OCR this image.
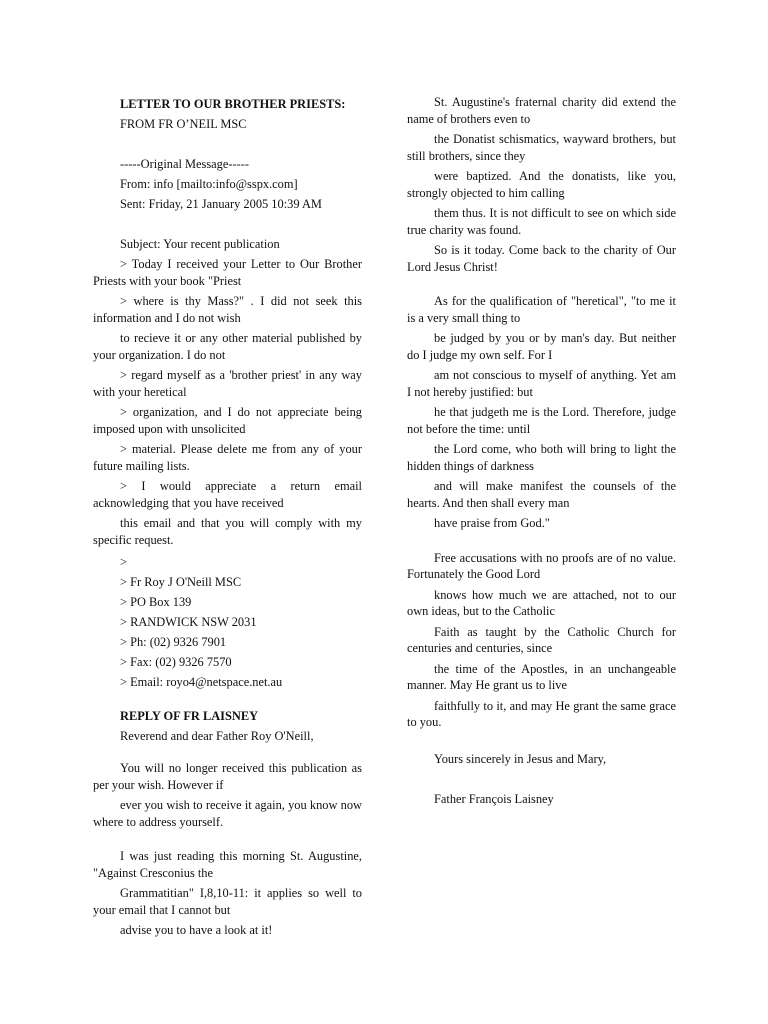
LETTER TO OUR BROTHER PRIESTS:
FROM FR O’NEIL MSC
-----Original Message-----
From: info [mailto:info@sspx.com]
Sent: Friday, 21 January 2005 10:39 AM
Subject: Your recent publication
> Today I received your Letter to Our Brother Priests with your book "Priest
> where is thy Mass?" . I did not seek this information and I do not wish
to recieve it or any other material published by your organization. I do not
> regard myself as a 'brother priest' in any way with your heretical
> organization, and I do not appreciate being imposed upon with unsolicited
> material. Please delete me from any of your future mailing lists.
> I would appreciate a return email acknowledging that you have received
this email and that you will comply with my specific request.
>
> Fr Roy J O'Neill MSC
> PO Box 139
> RANDWICK NSW 2031
> Ph: (02) 9326 7901
> Fax: (02) 9326 7570
> Email: royo4@netspace.net.au
REPLY OF FR LAISNEY
Reverend and dear Father Roy O'Neill,
You will no longer received this publication as per your wish. However if
ever you wish to receive it again, you know now where to address yourself.
I was just reading this morning St. Augustine, "Against Cresconius the
Grammatitian" I,8,10-11: it applies so well to your email that I cannot but
advise you to have a look at it!
St. Augustine's fraternal charity did extend the name of brothers even to
the Donatist schismatics, wayward brothers, but still brothers, since they
were baptized. And the donatists, like you, strongly objected to him calling
them thus. It is not difficult to see on which side true charity was found.
So is it today. Come back to the charity of Our Lord Jesus Christ!
As for the qualification of "heretical", "to me it is a very small thing to
be judged by you or by man's day. But neither do I judge my own self. For I
am not conscious to myself of anything. Yet am I not hereby justified: but
he that judgeth me is the Lord. Therefore, judge not before the time: until
the Lord come, who both will bring to light the hidden things of darkness
and will make manifest the counsels of the hearts. And then shall every man
have praise from God."
Free accusations with no proofs are of no value. Fortunately the Good Lord
knows how much we are attached, not to our own ideas, but to the Catholic
Faith as taught by the Catholic Church for centuries and centuries, since
the time of the Apostles, in an unchangeable manner. May He grant us to live
faithfully to it, and may He grant the same grace to you.
Yours sincerely in Jesus and Mary,
Father François Laisney
